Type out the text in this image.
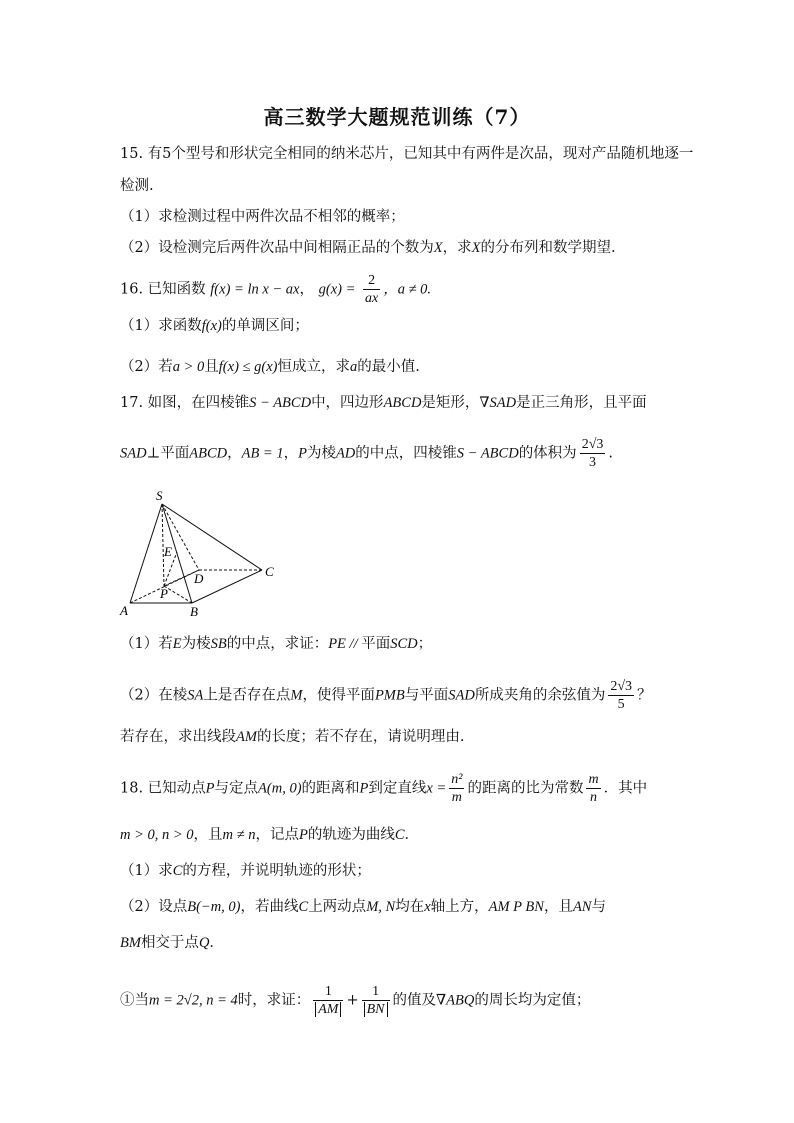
高三数学大题规范训练（7）
15. 有5个型号和形状完全相同的纳米芯片，已知其中有两件是次品，现对产品随机地逐一
检测.
（1）求检测过程中两件次品不相邻的概率；
（2）设检测完后两件次品中间相隔正品的个数为X，求X的分布列和数学期望.
16. 已知函数 f(x) = ln x − ax， $g(x) = \frac{2}{ax}$ ，a ≠ 0.
（1）求函数f(x)的单调区间；
（2）若a > 0且f(x) ≤ g(x)恒成立，求a的最小值.
17. 如图，在四棱锥S − ABCD中，四边形ABCD是矩形，∇SAD是正三角形，且平面
SAD⊥平面ABCD，AB = 1，P为棱AD的中点，四棱锥S − ABCD的体积为 $\frac{2√3}{3}$ .
S
E
D	C
P
A	B
（1）若E为棱SB的中点，求证：PE // 平面SCD；
（2）在棱SA上是否存在点M，使得平面PMB与平面SAD所成夹角的余弦值为 $\frac{2√3}{5}$ ？
若存在，求出线段AM的长度；若不存在，请说明理由.
18. 已知动点P与定点A(m, 0)的距离和P到定直线$x = \frac{\text{n²}}{m}$ 的距离的比为常数 $\frac{m}{n}$ ．其中
m > 0, n > 0，且m ≠ n，记点P的轨迹为曲线C．
（1）求C的方程，并说明轨迹的形状；
（2）设点B(−m, 0)，若曲线C上两动点M, N均在x轴上方，AM P BN，且AN与
BM相交于点Q．
①当m = 2√2, n = 4时，求证： $\frac{1}{AM} + \frac{1}{BN}$ 的值及∇ABQ的周长均为定值；
